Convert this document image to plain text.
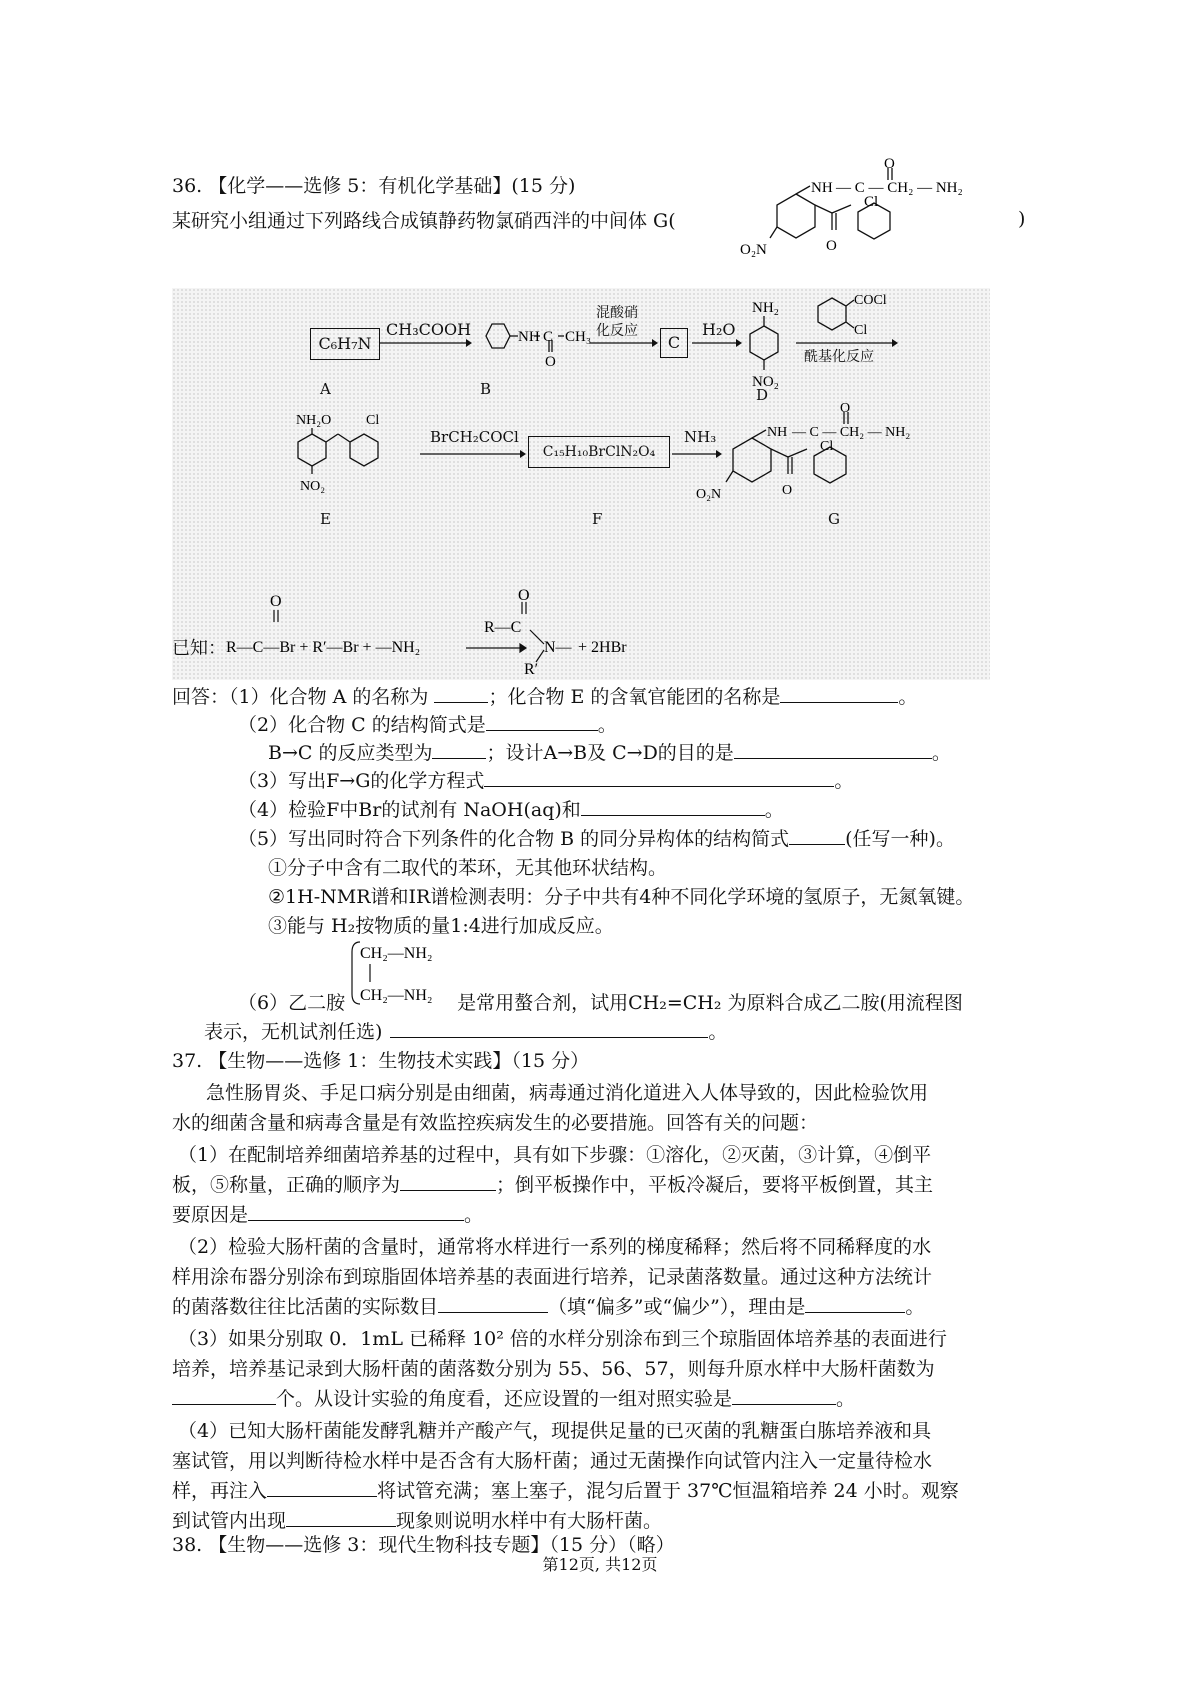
36. 【化学——选修 5：有机化学基础】(15 分)
某研究小组通过下列路线合成镇静药物氯硝西泮的中间体 G(	)
NH — C — CH₂ — NH₂
O
Cl
O
O₂N
C₆H₇N
CH₃COOH	NH C CH₃
O
混酸硝
化反应
C
H₂O
NH₂
NO₂
COCl
Cl
酰基化反应
A	B	D
NH₂O Cl
NO₂
BrCH₂COCl
C₁₅H₁₀BrClN₂O₄
NH₃	NH — C — CH₂ — NH₂
O
Cl
O
O₂N
E	F	G
已知：
O
R—C—Br + R′—Br + —NH₂
O
R—C
N—
R′
+ 2HBr
回答：（1）化合物 A 的名称为	；化合物 E 的含氧官能团的名称是	。
（2）化合物 C 的结构简式是	。
B→C 的反应类型为	；设计A→B及 C→D的目的是	。
（3）写出F→G的化学方程式	。
（4）检验F中Br的试剂有 NaOH(aq)和	。
（5）写出同时符合下列条件的化合物 B 的同分异构体的结构简式	(任写一种)。
①分子中含有二取代的苯环，无其他环状结构。
②1H-NMR谱和IR谱检测表明：分子中共有4种不同化学环境的氢原子，无氮氧键。
③能与 H₂按物质的量1:4进行加成反应。
CH₂—NH₂
CH₂—NH₂
（6）乙二胺	是常用螯合剂，试用CH₂=CH₂ 为原料合成乙二胺(用流程图
表示，无机试剂任选)	。
37. 【生物——选修 1：生物技术实践】（15 分）
急性肠胃炎、手足口病分别是由细菌，病毒通过消化道进入人体导致的，因此检验饮用
水的细菌含量和病毒含量是有效监控疾病发生的必要措施。回答有关的问题：
（1）在配制培养细菌培养基的过程中，具有如下步骤：①溶化，②灭菌，③计算，④倒平
板，⑤称量，正确的顺序为	；倒平板操作中，平板冷凝后，要将平板倒置，其主
要原因是	。
（2）检验大肠杆菌的含量时，通常将水样进行一系列的梯度稀释；然后将不同稀释度的水
样用涂布器分别涂布到琼脂固体培养基的表面进行培养，记录菌落数量。通过这种方法统计
的菌落数往往比活菌的实际数目	（填“偏多”或“偏少”），理由是	。
（3）如果分别取 0．1mL 已稀释 10² 倍的水样分别涂布到三个琼脂固体培养基的表面进行
培养，培养基记录到大肠杆菌的菌落数分别为 55、56、57，则每升原水样中大肠杆菌数为
个。从设计实验的角度看，还应设置的一组对照实验是	。
（4）已知大肠杆菌能发酵乳糖并产酸产气，现提供足量的已灭菌的乳糖蛋白胨培养液和具
塞试管，用以判断待检水样中是否含有大肠杆菌；通过无菌操作向试管内注入一定量待检水
样，再注入	将试管充满；塞上塞子，混匀后置于 37℃恒温箱培养 24 小时。观察
到试管内出现	现象则说明水样中有大肠杆菌。
38. 【生物——选修 3：现代生物科技专题】（15 分）（略）
第12页, 共12页
